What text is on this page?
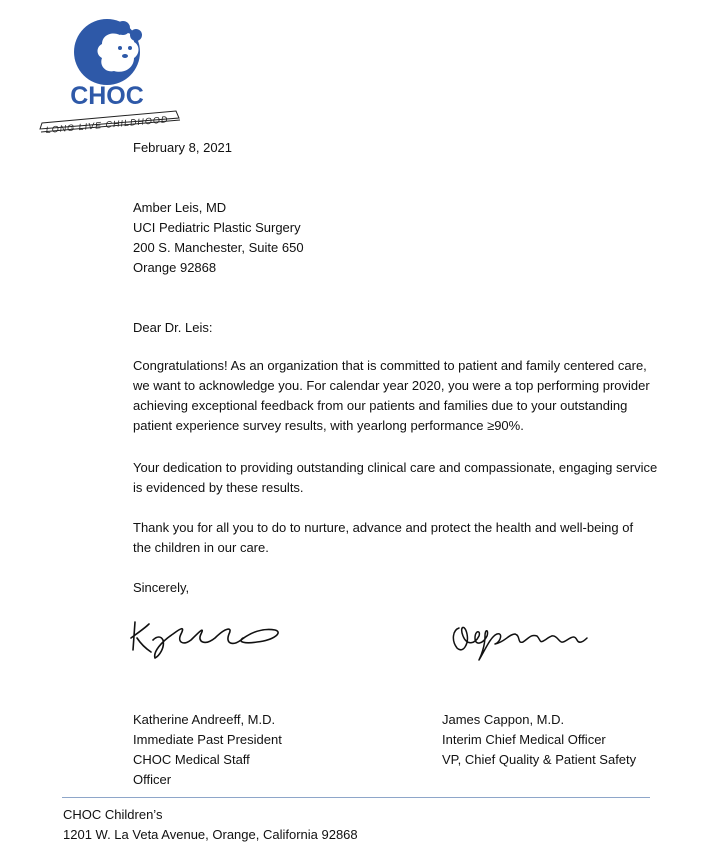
CHOC
LONG LIVE CHILDHOOD
February 8, 2021
Amber Leis, MD
UCI Pediatric Plastic Surgery
200 S. Manchester, Suite 650
Orange 92868
Dear Dr. Leis:
Congratulations! As an organization that is committed to patient and family centered care,
we want to acknowledge you. For calendar year 2020, you were a top performing provider
achieving exceptional feedback from our patients and families due to your outstanding
patient experience survey results, with yearlong performance ≥90%.
Your dedication to providing outstanding clinical care and compassionate, engaging service
is evidenced by these results.
Thank you for all you to do to nurture, advance and protect the health and well-being of
the children in our care.
Sincerely,
Katherine Andreeff, M.D.
Immediate Past President
CHOC Medical Staff
Officer
James Cappon, M.D.
Interim Chief Medical Officer
VP, Chief Quality & Patient Safety
CHOC Children’s
1201 W. La Veta Avenue, Orange, California 92868
